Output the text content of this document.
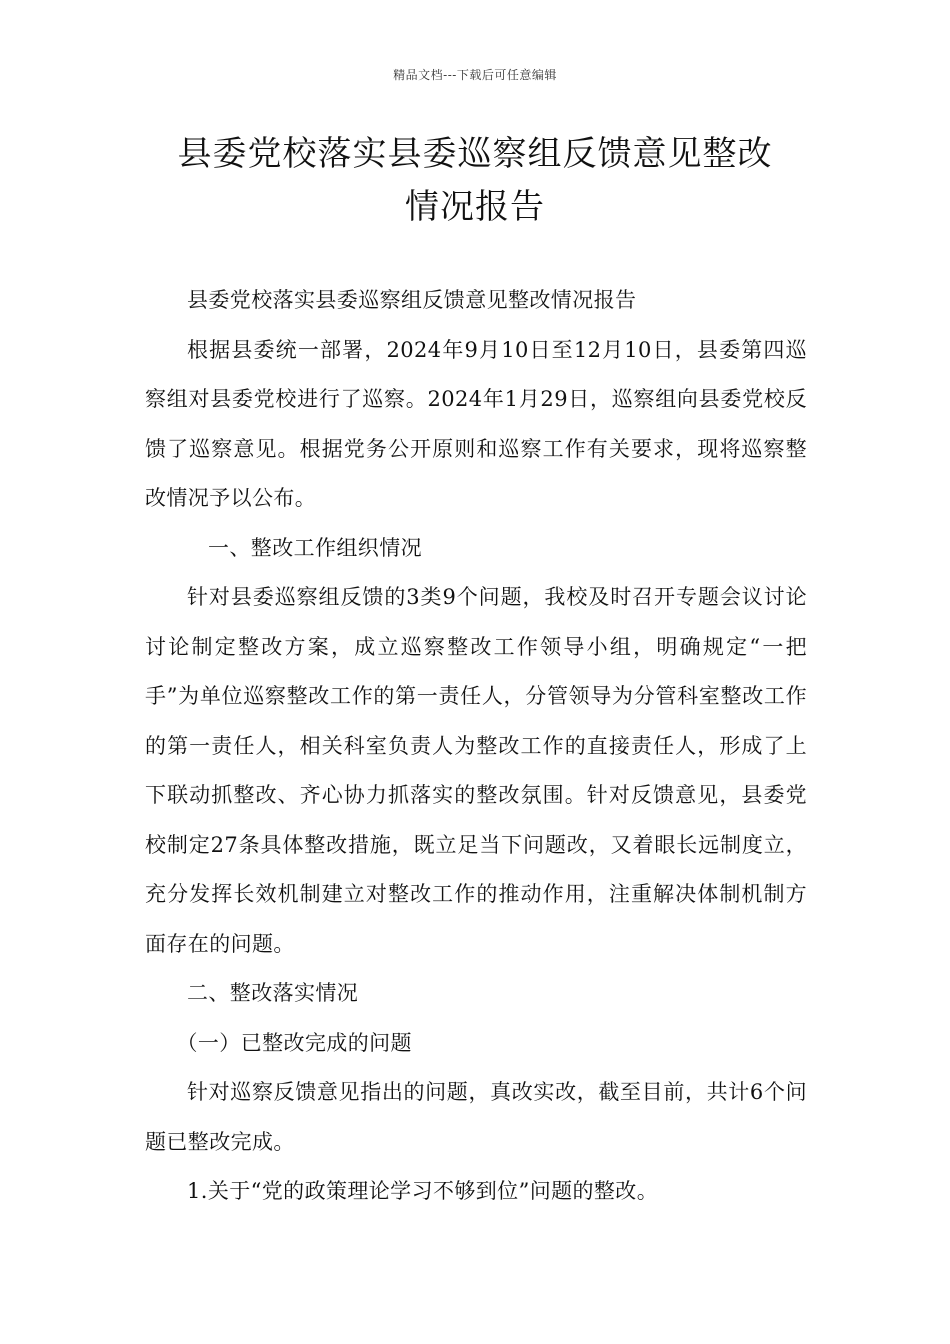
精品文档---下载后可任意编辑
县委党校落实县委巡察组反馈意见整改
情况报告

县委党校落实县委巡察组反馈意见整改情况报告

根据县委统一部署，2024年9月10日至12月10日，县委第四巡察组对县委党校进行了巡察。2024年1月29日，巡察组向县委党校反馈了巡察意见。根据党务公开原则和巡察工作有关要求，现将巡察整改情况予以公布。

一、整改工作组织情况

针对县委巡察组反馈的3类9个问题，我校及时召开专题会议讨论讨论制定整改方案，成立巡察整改工作领导小组，明确规定“一把手”为单位巡察整改工作的第一责任人，分管领导为分管科室整改工作的第一责任人，相关科室负责人为整改工作的直接责任人，形成了上下联动抓整改、齐心协力抓落实的整改氛围。针对反馈意见，县委党校制定27条具体整改措施，既立足当下问题改，又着眼长远制度立，充分发挥长效机制建立对整改工作的推动作用，注重解决体制机制方面存在的问题。

二、整改落实情况

（一）已整改完成的问题

针对巡察反馈意见指出的问题，真改实改，截至目前，共计6个问题已整改完成。

1.关于“党的政策理论学习不够到位”问题的整改。
